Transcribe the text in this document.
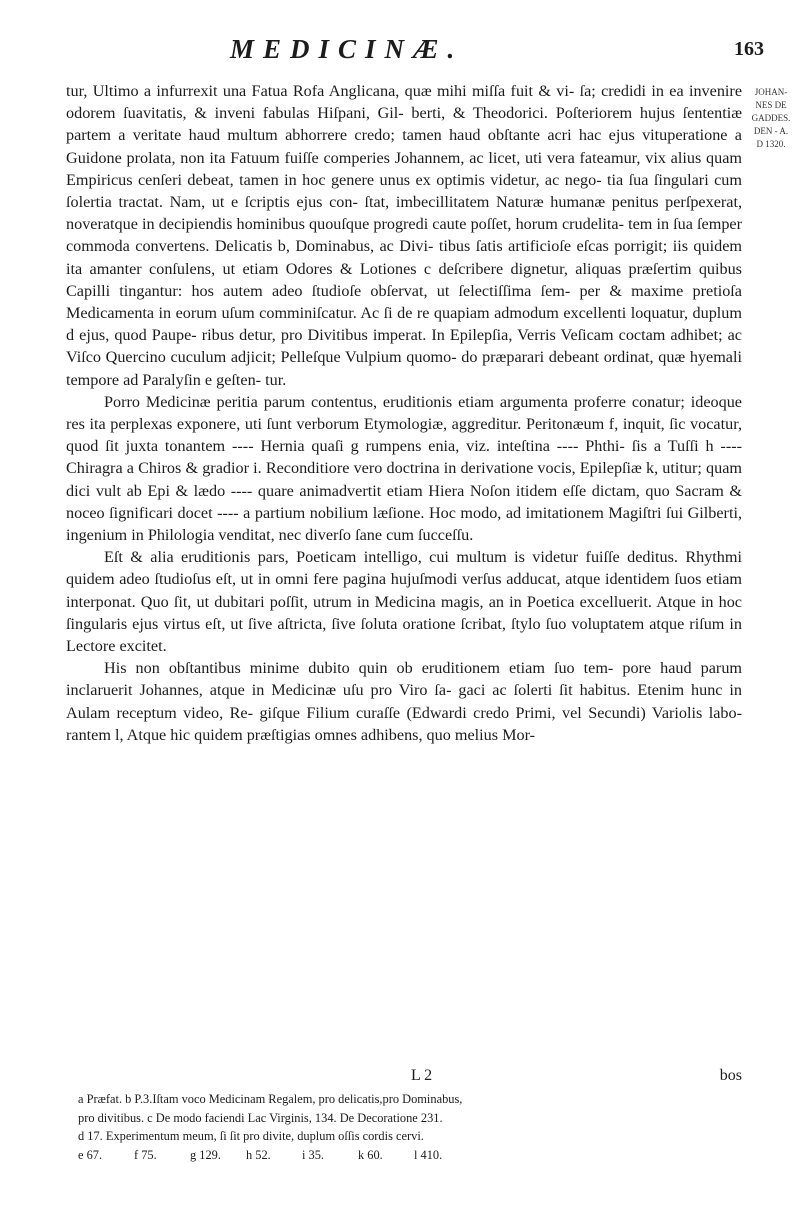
MEDICINÆ.	163
JOHAN-
NES DE
GADDES.
DEN - A.
D 1320.

tur, Ultimo a infurrexit una Fatua Rofa Anglicana, quæ mihi miſſa fuit & vi- ſa; credidi in ea invenire odorem ſuavitatis, & inveni fabulas Hiſpani, Gil- berti, & Theodorici. Poſteriorem hujus ſententiæ partem a veritate haud multum abhorrere credo; tamen haud obſtante acri hac ejus vituperatione a Guidone prolata, non ita Fatuum fuiſſe comperies Johannem, ac licet, uti vera fateamur, vix alius quam Empiricus cenſeri debeat, tamen in hoc genere unus ex optimis videtur, ac nego- tia ſua ſingulari cum ſolertia tractat. Nam, ut e ſcriptis ejus con- ſtat, imbecillitatem Naturæ humanæ penitus perſpexerat, noveratque in decipiendis hominibus quouſque progredi caute poſſet, horum crudelita- tem in ſua ſemper commoda convertens. Delicatis b, Dominabus, ac Divi- tibus ſatis artificioſe eſcas porrigit; iis quidem ita amanter conſulens, ut etiam Odores & Lotiones c deſcribere dignetur, aliquas præſertim quibus Capilli tingantur: hos autem adeo ſtudioſe obſervat, ut ſelectiſſima ſem- per & maxime pretioſa Medicamenta in eorum uſum comminiſcatur. Ac ſi de re quapiam admodum excellenti loquatur, duplum d ejus, quod Paupe- ribus detur, pro Divitibus imperat. In Epilepſia, Verris Veſicam coctam adhibet; ac Viſco Quercino cuculum adjicit; Pelleſque Vulpium quomo- do præparari debeant ordinat, quæ hyemali tempore ad Paralyſin e geſten- tur.

Porro Medicinæ peritia parum contentus, eruditionis etiam argumenta proferre conatur; ideoque res ita perplexas exponere, uti ſunt verborum Etymologiæ, aggreditur. Peritonæum f, inquit, ſic vocatur, quod ſit juxta tonantem ---- Hernia quaſi g rumpens enia, viz. inteſtina ---- Phthi- ſis a Tuſſi h ---- Chiragra a Chiros & gradior i. Reconditiore vero doctrina in derivatione vocis, Epilepſiæ k, utitur; quam dici vult ab Epi & lædo ---- quare animadvertit etiam Hiera Noſon itidem eſſe dictam, quo Sacram & noceo ſignificari docet ---- a partium nobilium læſione. Hoc modo, ad imitationem Magiſtri ſui Gilberti, ingenium in Philologia venditat, nec diverſo ſane cum ſucceſſu.

Eſt & alia eruditionis pars, Poeticam intelligo, cui multum is videtur fuiſſe deditus. Rhythmi quidem adeo ſtudioſus eſt, ut in omni fere pagina hujuſmodi verſus adducat, atque identidem ſuos etiam interponat. Quo ſit, ut dubitari poſſit, utrum in Medicina magis, an in Poetica excelluerit. Atque in hoc ſingularis ejus virtus eſt, ut ſive aſtricta, ſive ſoluta oratione ſcribat, ſtylo ſuo voluptatem atque riſum in Lectore excitet.

His non obſtantibus minime dubito quin ob eruditionem etiam ſuo tem- pore haud parum inclaruerit Johannes, atque in Medicinæ uſu pro Viro ſa- gaci ac ſolerti ſit habitus. Etenim hunc in Aulam receptum video, Re- giſque Filium curaſſe (Edwardi credo Primi, vel Secundi) Variolis labo- rantem l, Atque hic quidem præſtigias omnes adhibens, quo melius Mor-

L 2	bos
a Præfat. b P.3.Iſtam voco Medicinam Regalem, pro delicatis,pro Dominabus,
pro divitibus. c De modo faciendi Lac Virginis, 134. De Decoratione 231.
d 17. Experimentum meum, ſi ſit pro divite, duplum oſſis cordis cervi.
e 67.	f 75.	g 129.	h 52.	i 35.	k 60.	l 410.
